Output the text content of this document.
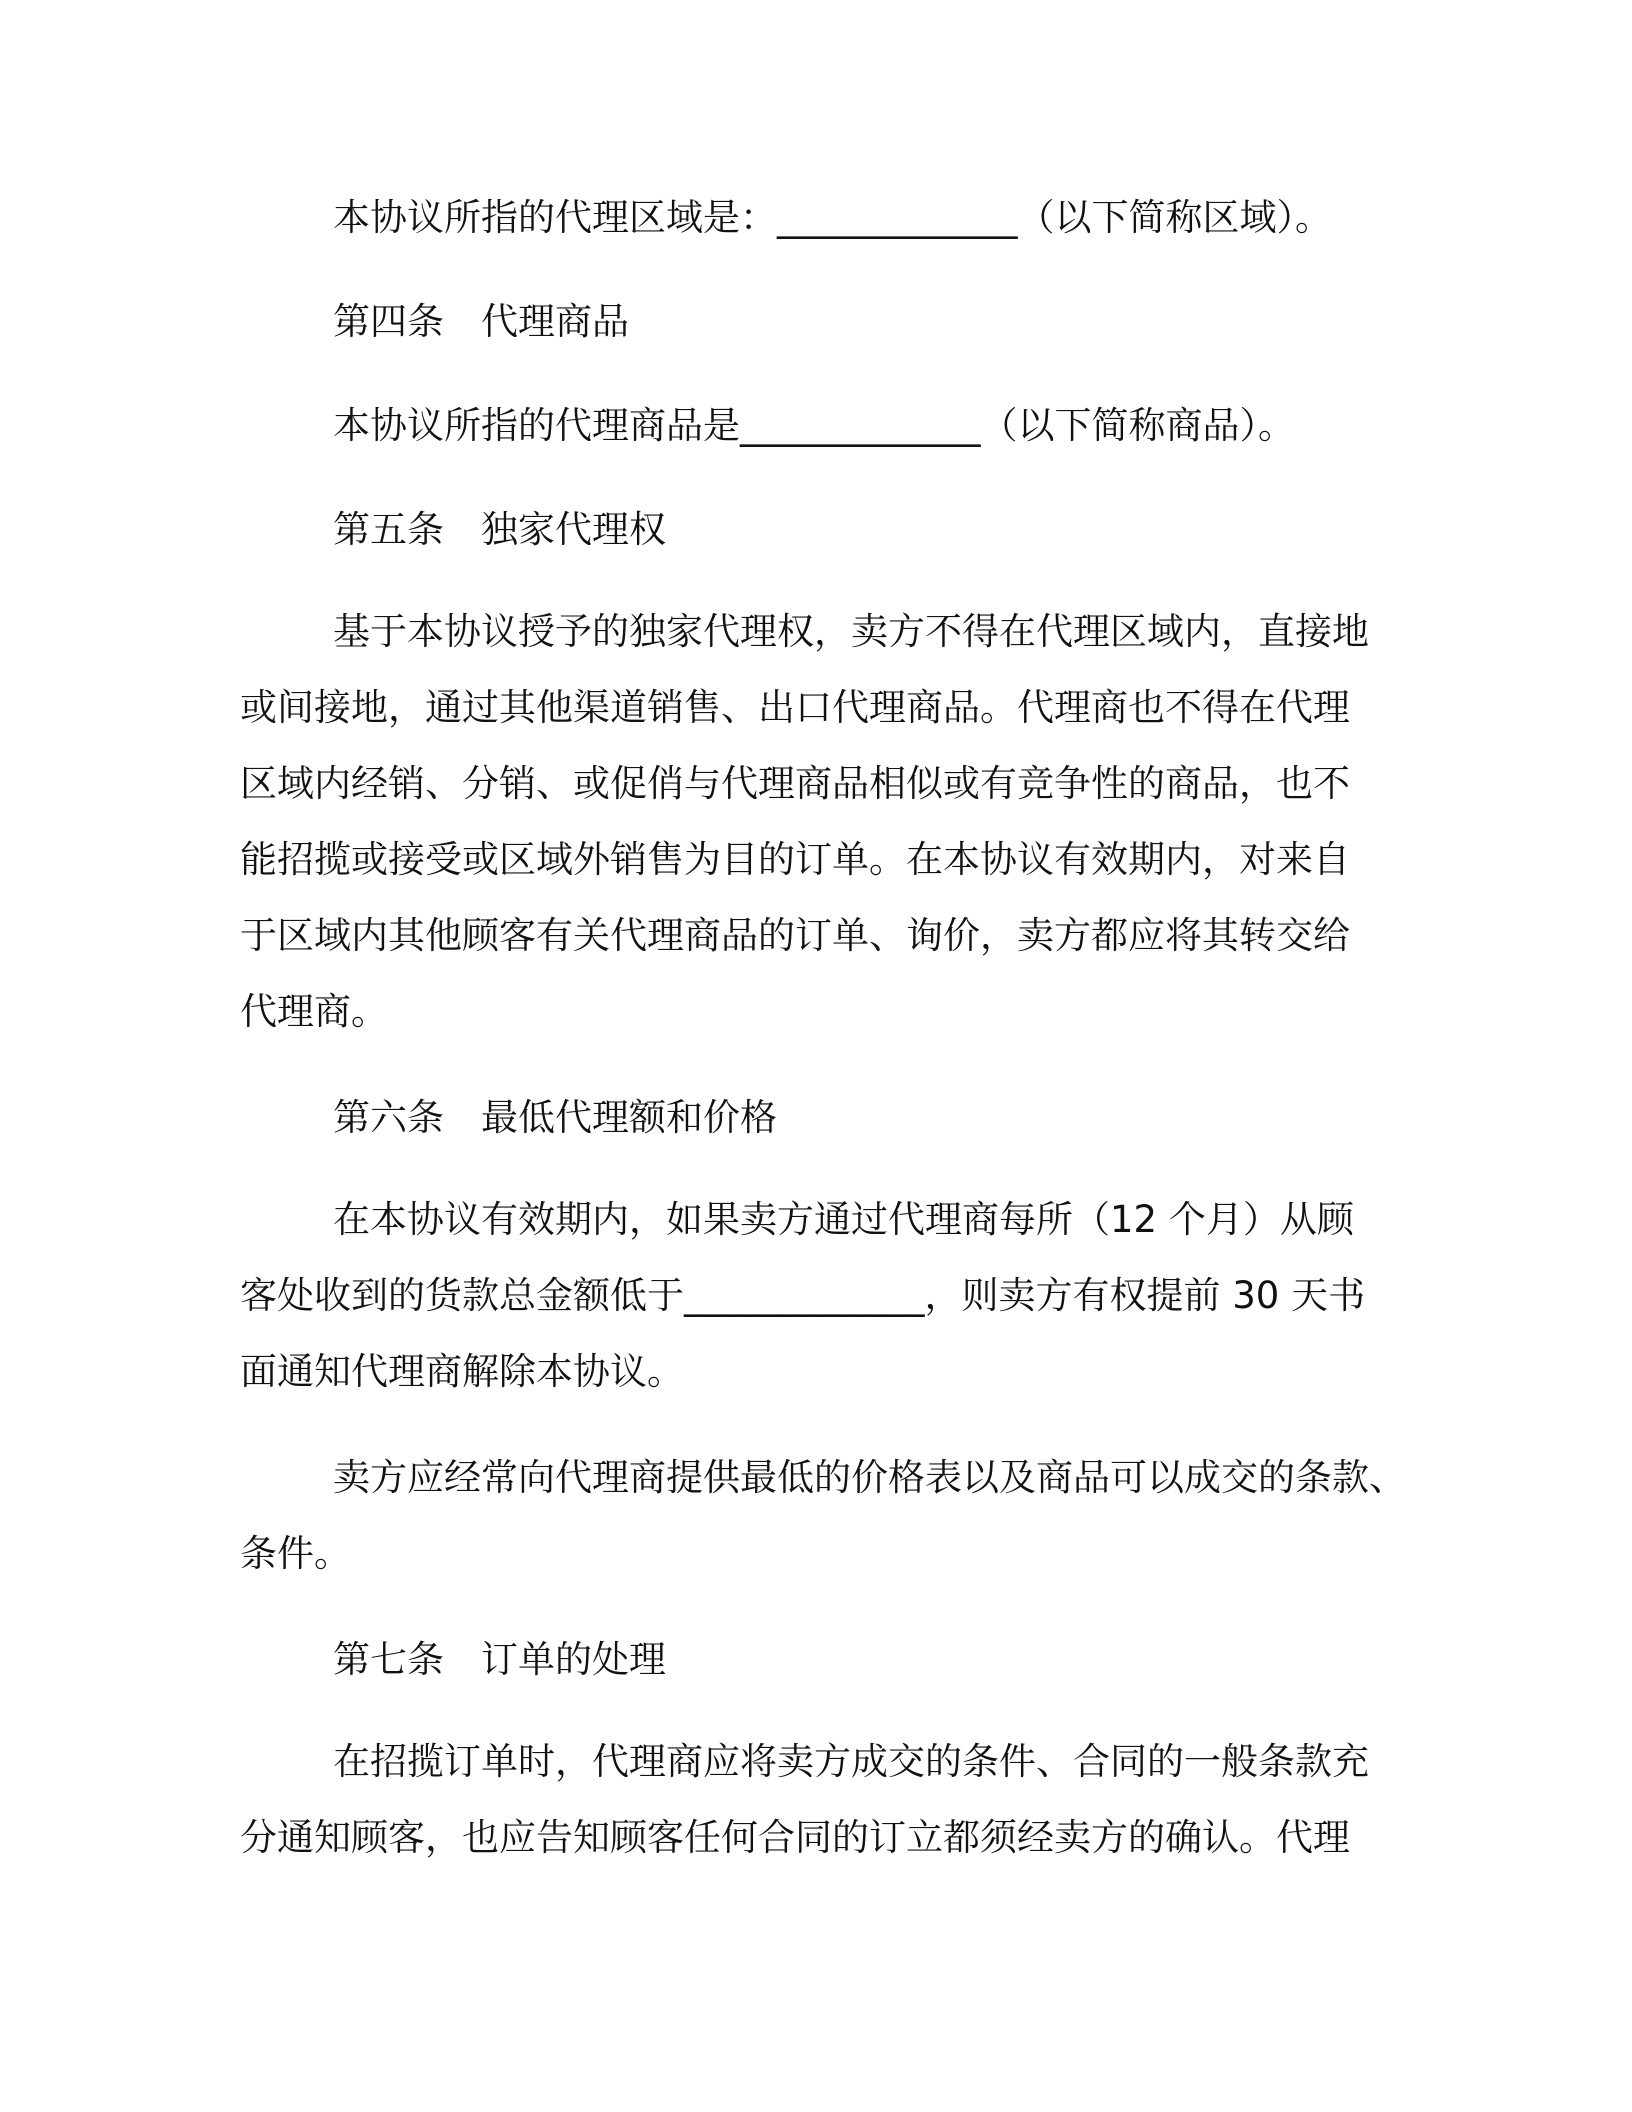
本协议所指的代理区域是：_____________（以下简称区域）。
第四条　代理商品
本协议所指的代理商品是_____________（以下简称商品）。
第五条　独家代理权
基于本协议授予的独家代理权，卖方不得在代理区域内，直接地
或间接地，通过其他渠道销售、出口代理商品。代理商也不得在代理
区域内经销、分销、或促俏与代理商品相似或有竞争性的商品，也不
能招揽或接受或区域外销售为目的订单。在本协议有效期内，对来自
于区域内其他顾客有关代理商品的订单、询价，卖方都应将其转交给
代理商。
第六条　最低代理额和价格
在本协议有效期内，如果卖方通过代理商每所（12 个月）从顾
客处收到的货款总金额低于_____________，则卖方有权提前 30 天书
面通知代理商解除本协议。
卖方应经常向代理商提供最低的价格表以及商品可以成交的条款、
条件。
第七条　订单的处理
在招揽订单时，代理商应将卖方成交的条件、合同的一般条款充
分通知顾客，也应告知顾客任何合同的订立都须经卖方的确认。代理
